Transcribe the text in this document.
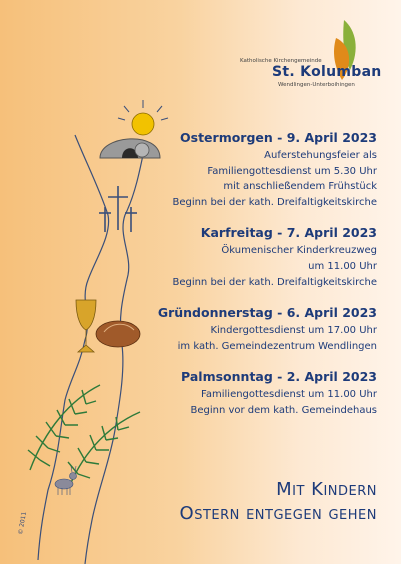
© 2011
Katholische Kirchengemeinde
St. Kolumban
Wendlingen-Unterboihingen
Ostermorgen - 9. April 2023
Auferstehungsfeier als
Familiengottesdienst um 5.30 Uhr
mit anschließendem Frühstück
Beginn bei der kath. Dreifaltigkeitskirche
Karfreitag - 7. April 2023
Ökumenischer Kinderkreuzweg
um 11.00 Uhr
Beginn bei der kath. Dreifaltigkeitskirche
Gründonnerstag - 6. April 2023
Kindergottesdienst um 17.00 Uhr
im kath. Gemeindezentrum Wendlingen
Palmsonntag - 2. April 2023
Familiengottesdienst um 11.00 Uhr
Beginn vor dem kath. Gemeindehaus
Mit Kindern
Ostern entgegen gehen
